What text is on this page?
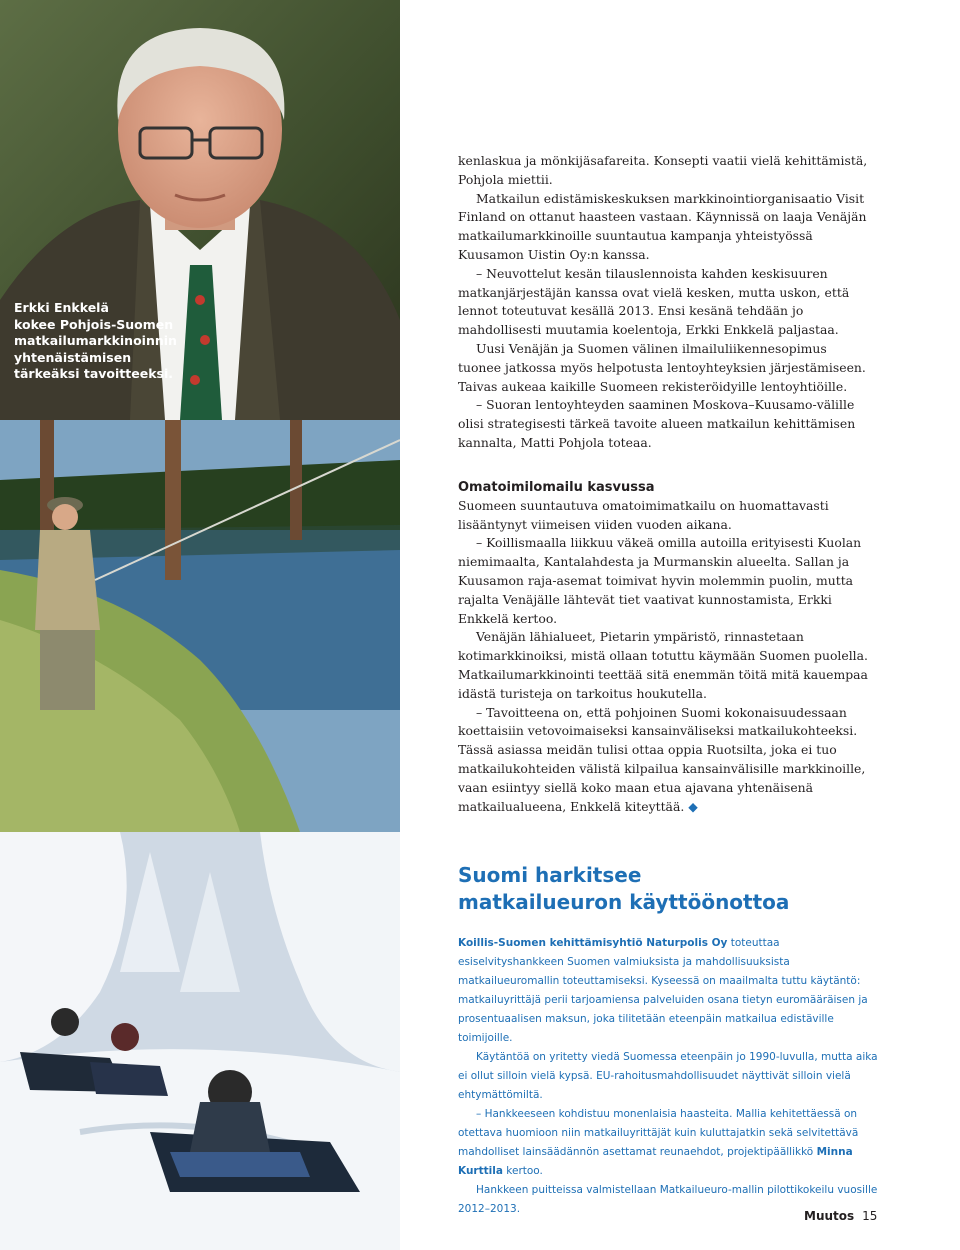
Erkki Enkkelä
kokee Pohjois-Suomen
matkailumarkkinoinnin
yhtenäistämisen
tärkeäksi tavoitteeksi.

kenlaskua ja mönkijäsafareita. Konsepti vaatii vielä kehittämistä, Pohjola miettii.

Matkailun edistämiskeskuksen markkinointiorganisaatio Visit Finland on ottanut haasteen vastaan. Käynnissä on laaja Venäjän matkailumarkkinoille suuntautua kampanja yhteistyössä Kuusamon Uistin Oy:n kanssa.

– Neuvottelut kesän tilauslennoista kahden keskisuuren matkanjärjestäjän kanssa ovat vielä kesken, mutta uskon, että lennot toteutuvat kesällä 2013. Ensi kesänä tehdään jo mahdollisesti muutamia koelentoja, Erkki Enkkelä paljastaa.

Uusi Venäjän ja Suomen välinen ilmailuliikennesopimus tuonee jatkossa myös helpotusta lentoyhteyksien järjestämiseen. Taivas aukeaa kaikille Suomeen rekisteröidyille lentoyhtiöille.

– Suoran lentoyhteyden saaminen Moskova–Kuusamo-välille olisi strategisesti tärkeä tavoite alueen matkailun kehittämisen kannalta, Matti Pohjola toteaa.

Omatoimilomailu kasvussa

Suomeen suuntautuva omatoimimatkailu on huomattavasti lisääntynyt viimeisen viiden vuoden aikana.

– Koillismaalla liikkuu väkeä omilla autoilla erityisesti Kuolan niemimaalta, Kantalahdesta ja Murmanskin alueelta. Sallan ja Kuusamon raja-asemat toimivat hyvin molemmin puolin, mutta rajalta Venäjälle lähtevät tiet vaativat kunnostamista, Erkki Enkkelä kertoo.

Venäjän lähialueet, Pietarin ympäristö, rinnastetaan kotimarkkinoiksi, mistä ollaan totuttu käymään Suomen puolella. Matkailumarkkinointi teettää sitä enemmän töitä mitä kauempaa idästä turisteja on tarkoitus houkutella.

– Tavoitteena on, että pohjoinen Suomi kokonaisuudessaan koettaisiin vetovoimaiseksi kansainväliseksi matkailukohteeksi. Tässä asiassa meidän tulisi ottaa oppia Ruotsilta, joka ei tuo matkailukohteiden välistä kilpailua kansainvälisille markkinoille, vaan esiintyy siellä koko maan etua ajavana yhtenäisenä matkailualueena, Enkkelä kiteyttää. ◆

Suomi harkitsee
matkailueuron käyttöönottoa

Koillis-Suomen kehittämisyhtiö Naturpolis Oy toteuttaa esiselvityshankkeen Suomen valmiuksista ja mahdollisuuksista matkailueuromallin toteuttamiseksi. Kyseessä on maailmalta tuttu käytäntö: matkailuyrittäjä perii tarjoamiensa palveluiden osana tietyn euromääräisen ja prosentuaalisen maksun, joka tilitetään eteenpäin matkailua edistäville toimijoille.

Käytäntöä on yritetty viedä Suomessa eteenpäin jo 1990-luvulla, mutta aika ei ollut silloin vielä kypsä. EU-rahoitusmahdollisuudet näyttivät silloin vielä ehtymättömiltä.

– Hankkeeseen kohdistuu monenlaisia haasteita. Mallia kehitettäessä on otettava huomioon niin matkailuyrittäjät kuin kuluttajatkin sekä selvitettävä mahdolliset lainsäädännön asettamat reunaehdot, projektipäällikkö Minna Kurttila kertoo.

Hankkeen puitteissa valmistellaan Matkailueuro-mallin pilottikokeilu vuosille 2012–2013.	Muutos 15
